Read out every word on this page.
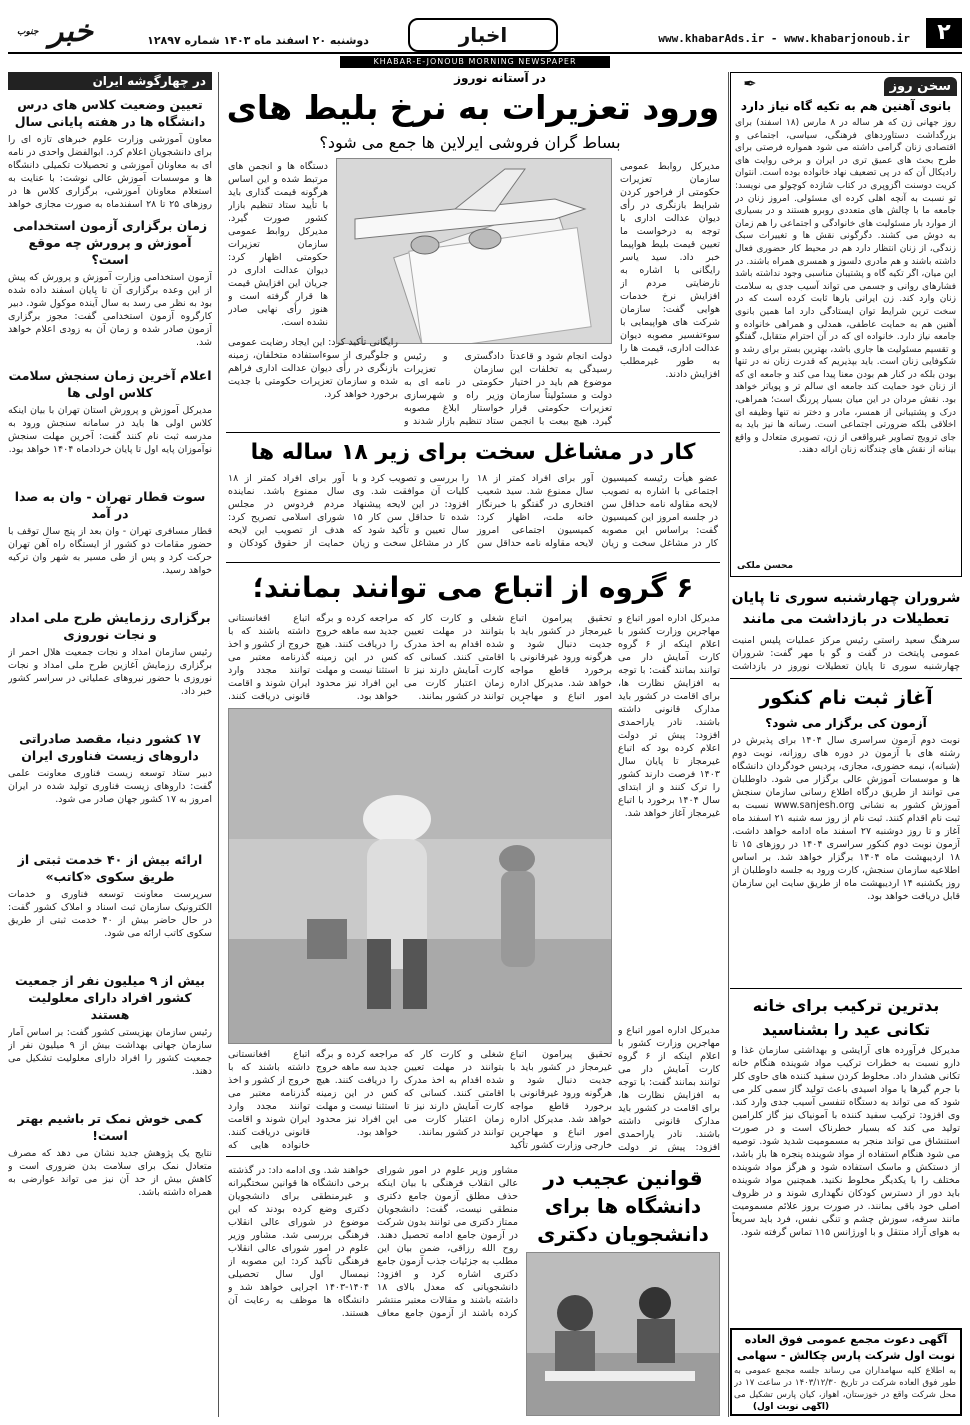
۲
www.khabarAds.ir - www.khabarjonoub.ir
اخبار
دوشنبه ۲۰ اسفند ماه ۱۴۰۳ شماره ۱۲۸۹۷
خبر $^{جنوب}$
KHABAR-E-JONOUB MORNING NEWSPAPER
سخن روز
✒
بانوی آهنین هم به تکیه گاه نیاز دارد
روز جهانی زن که هر ساله در ۸ مارس (۱۸ اسفند) برای بزرگداشت دستاوردهای فرهنگی، سیاسی، اجتماعی و اقتصادی زنان گرامی داشته می شود همواره فرصتی برای طرح بحث های عمیق تری در ایران و برخی روایت های رادیکال آن که در پی تضعیف نهاد خانواده بوده است. انتوان کریت دوسنت اگزوپری در کتاب شازده کوچولو می نویسد: تو نسبت به آنچه اهلی کرده ای مسئولی. امروز زنان در جامعه ما با چالش های متعددی روبرو هستند و در بسیاری از موارد بار مسئولیت های خانوادگی و اجتماعی را هم زمان به دوش می کشند. دگرگونی نقش ها و تغییرات سبک زندگی، از زنان انتظار دارد هم در محیط کار حضوری فعال داشته باشند و هم مادری دلسوز و همسری همراه باشند. در این میان، اگر تکیه گاه و پشتیبان مناسبی وجود نداشته باشد فشارهای روانی و جسمی می تواند آسیب جدی به سلامت زنان وارد کند. زن ایرانی بارها ثابت کرده است که در سخت ترین شرایط توان ایستادگی دارد اما همین بانوی آهنین هم به حمایت عاطفی، همدلی و همراهی خانواده و جامعه نیاز دارد. خانواده ای که در آن احترام متقابل، گفتگو و تقسیم مسئولیت ها جاری باشد، بهترین بستر برای رشد و شکوفایی زنان است. باید بپذیریم که قدرت زنان نه در تنها بودن بلکه در کنار هم بودن معنا پیدا می کند و جامعه ای که از زنان خود حمایت کند جامعه ای سالم تر و پویاتر خواهد بود. نقش مردان در این میان بسیار پررنگ است؛ همراهی، درک و پشتیبانی از همسر، مادر و دختر نه تنها وظیفه ای اخلاقی بلکه ضرورتی اجتماعی است. رسانه ها نیز باید به جای ترویج تصاویر غیرواقعی از زن، تصویری متعادل و واقع بینانه از نقش های چندگانه زنان ارائه دهند.
محسن ملکی
شروران چهارشنبه سوری تا پایان تعطیلات در بازداشت می مانند
سرهنگ سعید راستی رئیس مرکز عملیات پلیس امنیت عمومی پایتخت در گفت و گو با مهر گفت: شروران چهارشنبه سوری تا پایان تعطیلات نوروز در بازداشت
آغاز ثبت نام کنکور
آزمون کی برگزار می شود؟
نوبت دوم آزمون سراسری سال ۱۴۰۴ برای پذیرش در رشته های با آزمون در دوره های روزانه، نوبت دوم (شبانه)، نیمه حضوری، مجازی، پردیس خودگردان دانشگاه ها و موسسات آموزش عالی برگزار می شود. داوطلبان می توانند از طریق درگاه اطلاع رسانی سازمان سنجش آموزش کشور به نشانی www.sanjesh.org نسبت به ثبت نام اقدام کنند. ثبت نام از روز سه شنبه ۲۱ اسفند ماه آغاز و تا روز دوشنبه ۲۷ اسفند ماه ادامه خواهد داشت. آزمون نوبت دوم کنکور سراسری ۱۴۰۴ در روزهای ۱۵ تا ۱۸ اردیبهشت ماه ۱۴۰۴ برگزار خواهد شد. بر اساس اطلاعیه سازمان سنجش، کارت ورود به جلسه داوطلبان از روز یکشنبه ۱۴ اردیبهشت ماه از طریق سایت این سازمان قابل دریافت خواهد بود.
بدترین ترکیب برای خانه تکانی عید را بشناسید
مدیرکل فرآورده های آرایشی و بهداشتی سازمان غذا و دارو نسبت به خطرات ترکیب مواد شوینده هنگام خانه تکانی هشدار داد. مخلوط کردن سفید کننده های حاوی کلر با جرم گیرها یا مواد اسیدی باعث تولید گاز سمی کلر می شود که می تواند به دستگاه تنفسی آسیب جدی وارد کند. وی افزود: ترکیب سفید کننده با آمونیاک نیز گاز کلرامین تولید می کند که بسیار خطرناک است و در صورت استنشاق می تواند منجر به مسمومیت شدید شود. توصیه می شود هنگام استفاده از مواد شوینده پنجره ها باز باشد، از دستکش و ماسک استفاده شود و هرگز مواد شوینده مختلف را با یکدیگر مخلوط نکنید. همچنین مواد شوینده باید دور از دسترس کودکان نگهداری شوند و در ظروف اصلی خود باقی بمانند. در صورت بروز علائم مسمومیت مانند سرفه، سوزش چشم و تنگی نفس، فرد باید سریعاً به هوای آزاد منتقل و با اورژانس ۱۱۵ تماس گرفته شود.
آگهی دعوت مجمع عمومی فوق العاده نوبت اول شرکت پارس چکالش - سهامی
به اطلاع کلیه سهامداران می رساند جلسه مجمع عمومی به طور فوق العاده شرکت در تاریخ ۱۴۰۳/۱۲/۳۰ در ساعت ۱۷ در محل شرکت واقع در خوزستان، اهواز، کیان پارس تشکیل می
(آگهی نوبت اول)
در چهارگوشه ایران
تعیین وضعیت کلاس های درس دانشگاه ها در هفته پایانی سال
معاون آموزشی وزارت علوم خبرهای تازه ای را برای دانشجویان اعلام کرد. ابوالفضل واحدی در نامه ای به معاونان آموزشی و تحصیلات تکمیلی دانشگاه ها و موسسات آموزش عالی نوشت: با عنایت به استعلام معاونان آموزشی، برگزاری کلاس ها در روزهای ۲۵ تا ۲۸ اسفندماه به صورت مجازی خواهد
زمان برگزاری آزمون استخدامی آموزش و پرورش چه موقع است؟
آزمون استخدامی وزارت آموزش و پرورش که پیش از این وعده برگزاری آن تا پایان اسفند داده شده بود به نظر می رسد به سال آینده موکول شود. دبیر کارگروه آزمون استخدامی گفت: مجوز برگزاری آزمون صادر شده و زمان آن به زودی اعلام خواهد شد.
اعلام آخرین زمان سنجش سلامت کلاس اولی ها
مدیرکل آموزش و پرورش استان تهران با بیان اینکه کلاس اولی ها باید در سامانه سنجش ورود به مدرسه ثبت نام کنند گفت: آخرین مهلت سنجش نوآموزان پایه اول تا پایان خردادماه ۱۴۰۴ خواهد بود.
سوت قطار تهران - وان به صدا در آمد
قطار مسافری تهران - وان بعد از پنج سال توقف با حضور مقامات دو کشور از ایستگاه راه آهن تهران حرکت کرد و پس از طی مسیر به شهر وان ترکیه خواهد رسید.
برگزاری رزمایش طرح ملی امداد و نجات نوروزی
رئیس سازمان امداد و نجات جمعیت هلال احمر از برگزاری رزمایش آغازین طرح ملی امداد و نجات نوروزی با حضور نیروهای عملیاتی در سراسر کشور خبر داد.
۱۷ کشور دنیا، مقصد صادراتی داروهای زیست فناوری ایران
دبیر ستاد توسعه زیست فناوری معاونت علمی گفت: داروهای زیست فناوری تولید شده در ایران امروز به ۱۷ کشور جهان صادر می شود.
ارائه بیش از ۴۰ خدمت ثبتی از طریق سکوی «کاتب»
سرپرست معاونت توسعه فناوری و خدمات الکترونیک سازمان ثبت اسناد و املاک کشور گفت: در حال حاضر بیش از ۴۰ خدمت ثبتی از طریق سکوی کاتب ارائه می شود.
بیش از ۹ میلیون نفر از جمعیت کشور افراد دارای معلولیت هستند
رئیس سازمان بهزیستی کشور گفت: بر اساس آمار سازمان جهانی بهداشت بیش از ۹ میلیون نفر از جمعیت کشور را افراد دارای معلولیت تشکیل می دهند.
کمی خوش نمک تر باشیم بهتر است!
نتایج یک پژوهش جدید نشان می دهد که مصرف متعادل نمک برای سلامت بدن ضروری است و کاهش بیش از حد آن نیز می تواند عوارضی به همراه داشته باشد.
در آستانه نوروز
ورود تعزیرات به نرخ بلیط های
بساط گران فروشی ایرلاین ها جمع می شود؟
مدیرکل روابط عمومی سازمان تعزیرات حکومتی از فراخور کردن شرایط بازنگری در رأی دیوان عدالت اداری با توجه به درخواست ما تعیین قیمت بلیط هواپیما خبر داد. سید یاسر رایگانی با اشاره به نارضایتی مردم از افزایش نرخ خدمات هوایی گفت: سازمان شرکت های هواپیمایی با سوءتفسیر مصوبه دیوان عدالت اداری، قیمت ها را به طور غیرمطلب افزایش دادند.
دستگاه ها و انجمن های مرتبط شده و این اساس هرگونه قیمت گذاری باید با تأیید ستاد تنظیم بازار کشور صورت گیرد. مدیرکل روابط عمومی سازمان تعزیرات حکومتی اظهار کرد: دیوان عدالت اداری در جریان این افزایش قیمت ها قرار گرفته است و هنوز رأی نهایی صادر نشده است.
دولت انجام شود و قاعدتاً رسیدگی به تخلفات این موضوع هم باید در اختیار دولت و مسئولیتاً سازمان تعزیرات حکومتی قرار گیرد. هیچ بیعت با انجمن
دادگستری و رئیس سازمان تعزیرات حکومتی در نامه ای به وزیر راه و شهرسازی خواستار ابلاغ مصوبه ستاد تنظیم بازار شدند و
رایگانی تأکید کرد: این ایجاد رضایت عمومی و جلوگیری از سوءاستفاده متخلفان، زمینه بازنگری در رأی دیوان عدالت اداری فراهم شده و سازمان تعزیرات حکومتی با جدیت برخورد خواهد کرد.
کار در مشاغل سخت برای زیر ۱۸ ساله ها
عضو هیأت رئیسه کمیسیون اجتماعی با اشاره به تصویب لایحه مقاوله نامه حداقل سن در جلسه امروز این کمیسیون گفت: براساس این مصوبه کار در مشاغل سخت و زیان آور برای افراد کمتر از ۱۸ سال ممنوع شد. سید شعیب افتخاری در گفتگو با خبرنگار خانه ملت، اظهار کرد: کمیسیون اجتماعی امروز لایحه مقاوله نامه حداقل سن را بررسی و تصویب کرد و با کلیات آن موافقت شد. وی افزود: در این لایحه پیشنهاد شده تا حداقل سن کار ۱۵ سال تعیین و تأکید شود که کار در مشاغل سخت و زیان آور برای افراد کمتر از ۱۸ سال ممنوع باشد. نماینده مردم فردوس در مجلس شورای اسلامی تصریح کرد: هدف از تصویب این لایحه حمایت از حقوق کودکان و
۶ گروه از اتباع می توانند بمانند؛
مدیرکل اداره امور اتباع و مهاجرین وزارت کشور با اعلام اینکه از ۶ گروه کارت آمایش دار می توانند بمانند گفت: با توجه به افزایش نظارت ها، برای اقامت در کشور باید مدارک قانونی داشته باشند. نادر یاراحمدی افزود: پیش تر دولت اعلام کرده بود که اتباع غیرمجاز تا پایان سال ۱۴۰۳ فرصت دارند کشور را ترک کنند و از ابتدای سال ۱۴۰۴ برخورد با اتباع غیرمجاز آغاز خواهد شد.
تحقیق پیرامون اتباع غیرمجاز در کشور باید با جدیت دنبال شود و هرگونه ورود غیرقانونی با برخورد قاطع مواجه خواهد شد. مدیرکل اداره امور اتباع و مهاجرین
شغلی و کارت کار که بتوانند در مهلت تعیین شده اقدام به اخذ مدرک اقامتی کنند. کسانی که کارت آمایش دارند نیز تا زمان اعتبار کارت می توانند در کشور بمانند.
مراجعه کرده و برگه جدید سه ماهه خروج را دریافت کنند. هیچ کس در این زمینه استثنا نیست و مهلت این افراد نیز محدود خواهد بود.
اتباع افغانستانی داشته باشند که با خروج از کشور و اخذ گذرنامه معتبر می توانند مجدد وارد ایران شوند و اقامت قانونی دریافت کنند.
تحقیق پیرامون اتباع غیرمجاز در کشور باید با جدیت دنبال شود و هرگونه ورود غیرقانونی با برخورد قاطع مواجه خواهد شد. مدیرکل اداره امور اتباع و مهاجرین خارجی وزارت کشور تأکید
شغلی و کارت کار که بتوانند در مهلت تعیین شده اقدام به اخذ مدرک اقامتی کنند. کسانی که کارت آمایش دارند نیز تا زمان اعتبار کارت می توانند در کشور بمانند.
مراجعه کرده و برگه جدید سه ماهه خروج را دریافت کنند. هیچ کس در این زمینه استثنا نیست و مهلت این افراد نیز محدود خواهد بود.
اتباع افغانستانی داشته باشند که با خروج از کشور و اخذ گذرنامه معتبر می توانند مجدد وارد ایران شوند و اقامت قانونی دریافت کنند. خانواده هایی که
مدیرکل اداره امور اتباع و مهاجرین وزارت کشور با اعلام اینکه از ۶ گروه کارت آمایش دار می توانند بمانند گفت: با توجه به افزایش نظارت ها، برای اقامت در کشور باید مدارک قانونی داشته باشند. نادر یاراحمدی افزود: پیش تر دولت
قوانین عجیب در دانشگاه ها برای دانشجویان دکتری
مشاور وزیر علوم در امور شورای عالی انقلاب فرهنگی با بیان اینکه حذف مطلق آزمون جامع دکتری منطقی نیست، گفت: دانشجویان ممتاز دکتری می توانند بدون شرکت در آزمون جامع ادامه تحصیل دهند. روح الله رزاقی، ضمن بیان این مطلب به جزئیات جذب آزمون جامع دکتری اشاره کرد و افزود: دانشجویانی که معدل بالای ۱۸ داشته باشند و مقالات معتبر منتشر کرده باشند از آزمون جامع معاف خواهند شد. وی ادامه داد: در گذشته برخی دانشگاه ها قوانین سختگیرانه و غیرمنطقی برای دانشجویان دکتری وضع کرده بودند که این موضوع در شورای عالی انقلاب فرهنگی بررسی شد. مشاور وزیر علوم در امور شورای عالی انقلاب فرهنگی تأکید کرد: این مصوبه از نیمسال اول سال تحصیلی ۱۴۰۴-۱۴۰۳ اجرایی خواهد شد و دانشگاه ها موظف به رعایت آن هستند.
